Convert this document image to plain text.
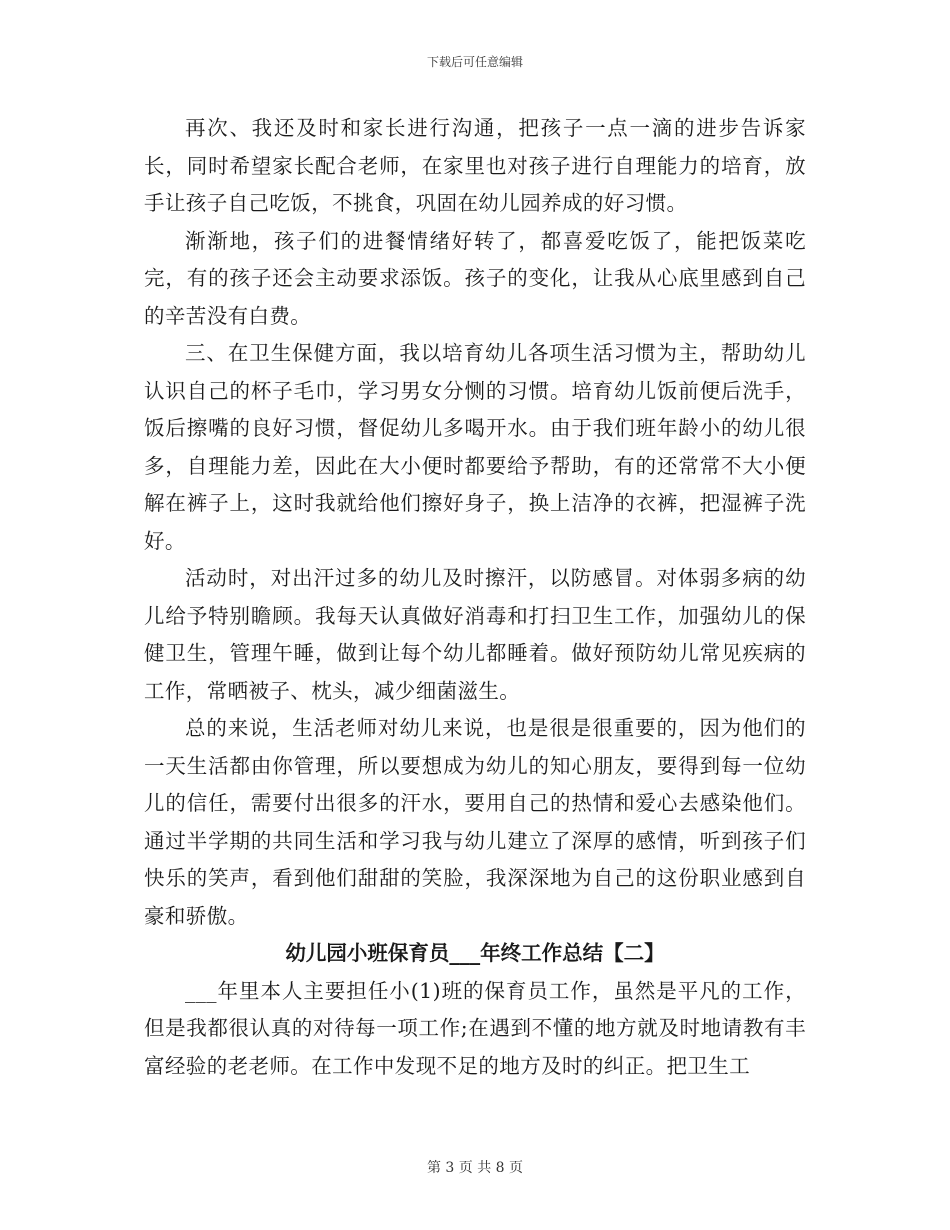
下载后可任意编辑

再次、我还及时和家长进行沟通，把孩子一点一滴的进步告诉家长，同时希望家长配合老师，在家里也对孩子进行自理能力的培育，放手让孩子自己吃饭，不挑食，巩固在幼儿园养成的好习惯。

渐渐地，孩子们的进餐情绪好转了，都喜爱吃饭了，能把饭菜吃完，有的孩子还会主动要求添饭。孩子的变化，让我从心底里感到自己的辛苦没有白费。

三、在卫生保健方面，我以培育幼儿各项生活习惯为主，帮助幼儿认识自己的杯子毛巾，学习男女分恻的习惯。培育幼儿饭前便后洗手，饭后擦嘴的良好习惯，督促幼儿多喝开水。由于我们班年龄小的幼儿很多，自理能力差，因此在大小便时都要给予帮助，有的还常常不大小便解在裤子上，这时我就给他们擦好身子，换上洁净的衣裤，把湿裤子洗好。

活动时，对出汗过多的幼儿及时擦汗，以防感冒。对体弱多病的幼儿给予特别瞻顾。我每天认真做好消毒和打扫卫生工作，加强幼儿的保健卫生，管理午睡，做到让每个幼儿都睡着。做好预防幼儿常见疾病的工作，常晒被子、枕头，减少细菌滋生。

总的来说，生活老师对幼儿来说，也是很是很重要的，因为他们的一天生活都由你管理，所以要想成为幼儿的知心朋友，要得到每一位幼儿的信任，需要付出很多的汗水，要用自己的热情和爱心去感染他们。通过半学期的共同生活和学习我与幼儿建立了深厚的感情，听到孩子们快乐的笑声，看到他们甜甜的笑脸，我深深地为自己的这份职业感到自豪和骄傲。

幼儿园小班保育员___年终工作总结【二】

___年里本人主要担任小(1)班的保育员工作，虽然是平凡的工作，但是我都很认真的对待每一项工作;在遇到不懂的地方就及时地请教有丰富经验的老老师。在工作中发现不足的地方及时的纠正。把卫生工

第 3 页 共 8 页
